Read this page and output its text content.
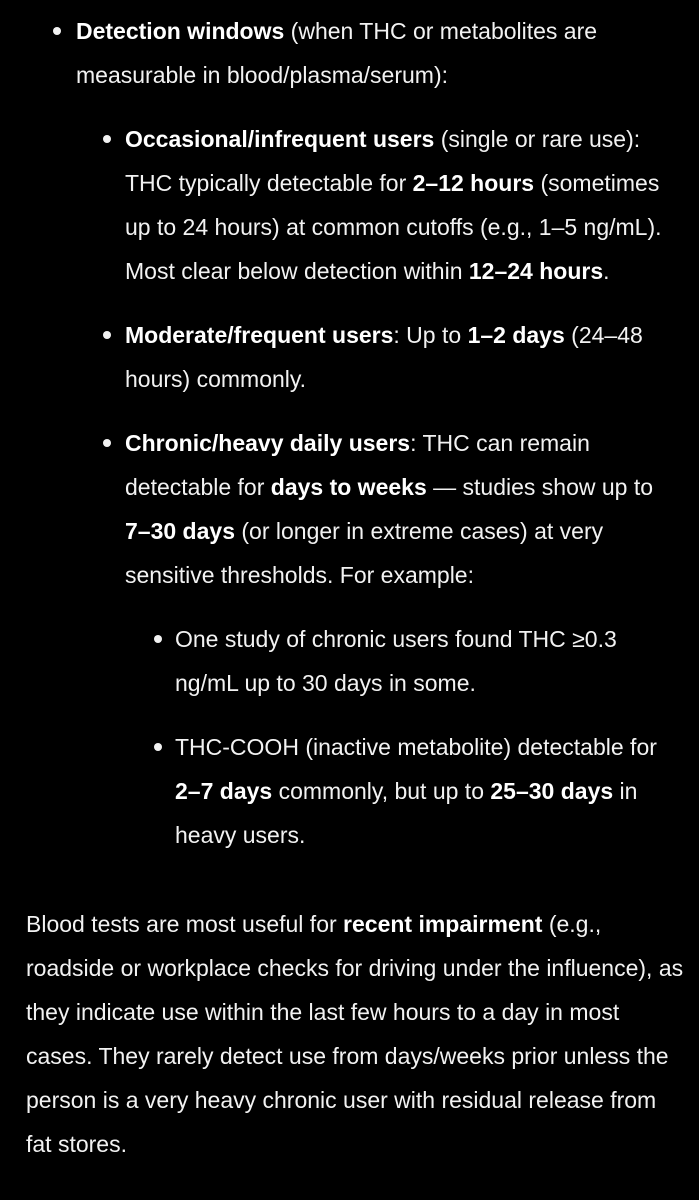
Detection windows (when THC or metabolites are measurable in blood/plasma/serum):
Occasional/infrequent users (single or rare use): THC typically detectable for 2–12 hours (sometimes up to 24 hours) at common cutoffs (e.g., 1–5 ng/mL). Most clear below detection within 12–24 hours.
Moderate/frequent users: Up to 1–2 days (24–48 hours) commonly.
Chronic/heavy daily users: THC can remain detectable for days to weeks — studies show up to 7–30 days (or longer in extreme cases) at very sensitive thresholds. For example:
One study of chronic users found THC ≥0.3 ng/mL up to 30 days in some.
THC-COOH (inactive metabolite) detectable for 2–7 days commonly, but up to 25–30 days in heavy users.

Blood tests are most useful for recent impairment (e.g., roadside or workplace checks for driving under the influence), as they indicate use within the last few hours to a day in most cases. They rarely detect use from days/weeks prior unless the person is a very heavy chronic user with residual release from fat stores.
